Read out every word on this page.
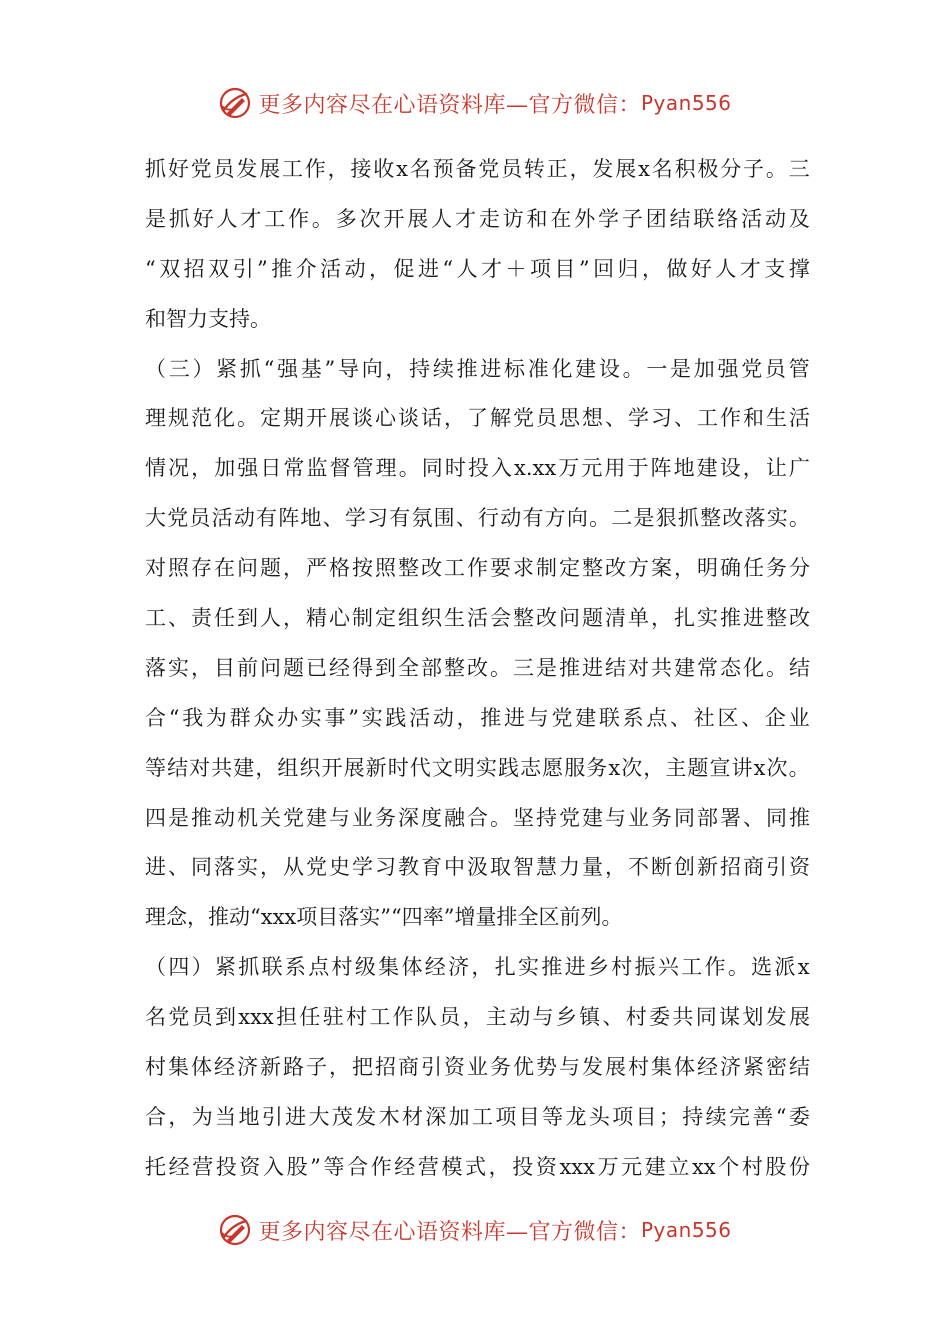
更多内容尽在心语资料库—官方微信： Pyan556
抓 好 党 员 发 展 工 作 ， 接 收 x 名 预 备 党 员 转 正 ， 发 展 x 名 积 极 分 子 。 三
是 抓 好 人 才 工 作 。 多 次 开 展 人 才 走 访 和 在 外 学 子 团 结 联 络 活 动 及
“ 双 招 双 引 ” 推 介 活 动 ， 促 进 “ 人 才 ＋ 项 目 ” 回 归 ， 做 好 人 才 支 撑
和智力支持。
（ 三 ） 紧 抓 “ 强 基 ” 导 向 ， 持 续 推 进 标 准 化 建 设 。 一 是 加 强 党 员 管
理 规 范 化 。 定 期 开 展 谈 心 谈 话 ， 了 解 党 员 思 想 、 学 习 、 工 作 和 生 活
情 况 ， 加 强 日 常 监 督 管 理 。 同 时 投 入 x.xx 万 元 用 于 阵 地 建 设 ， 让 广
大 党 员 活 动 有 阵 地 、 学 习 有 氛 围 、 行 动 有 方 向 。 二 是 狠 抓 整 改 落 实 。
对 照 存 在 问 题 ， 严 格 按 照 整 改 工 作 要 求 制 定 整 改 方 案 ， 明 确 任 务 分
工 、 责 任 到 人 ， 精 心 制 定 组 织 生 活 会 整 改 问 题 清 单 ， 扎 实 推 进 整 改
落 实 ， 目 前 问 题 已 经 得 到 全 部 整 改 。 三 是 推 进 结 对 共 建 常 态 化 。 结
合 “ 我 为 群 众 办 实 事 ” 实 践 活 动 ， 推 进 与 党 建 联 系 点 、 社 区 、 企 业
等 结 对 共 建 ， 组 织 开 展 新 时 代 文 明 实 践 志 愿 服 务 x 次 ， 主 题 宣 讲 x 次 。
四 是 推 动 机 关 党 建 与 业 务 深 度 融 合 。 坚 持 党 建 与 业 务 同 部 署 、 同 推
进 、 同 落 实 ， 从 党 史 学 习 教 育 中 汲 取 智 慧 力 量 ， 不 断 创 新 招 商 引 资
理念，推动“xxx项目落实”“四率”增量排全区前列。
（ 四 ） 紧 抓 联 系 点 村 级 集 体 经 济 ， 扎 实 推 进 乡 村 振 兴 工 作 。 选 派 x
名 党 员 到 xxx 担 任 驻 村 工 作 队 员 ， 主 动 与 乡 镇 、 村 委 共 同 谋 划 发 展
村 集 体 经 济 新 路 子 ， 把 招 商 引 资 业 务 优 势 与 发 展 村 集 体 经 济 紧 密 结
合 ， 为 当 地 引 进 大 茂 发 木 材 深 加 工 项 目 等 龙 头 项 目 ； 持 续 完 善 “ 委
托 经 营 投 资 入 股 ” 等 合 作 经 营 模 式 ， 投 资 xxx 万 元 建 立 xx 个 村 股 份
更多内容尽在心语资料库—官方微信： Pyan556
